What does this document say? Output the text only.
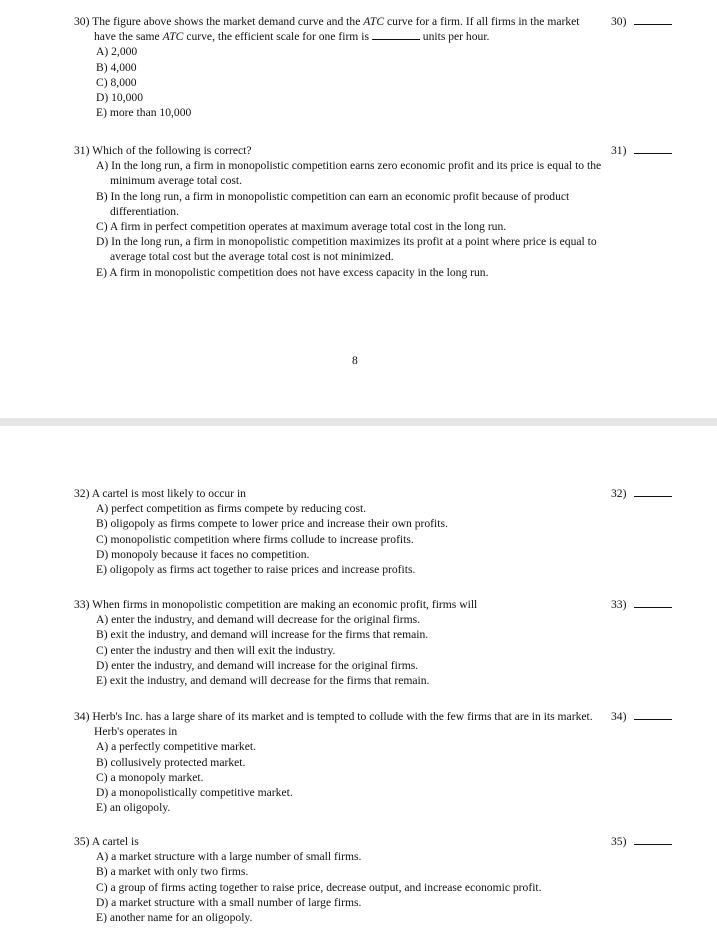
30) The figure above shows the market demand curve and the ATC curve for a firm. If all firms in the market have the same ATC curve, the efficient scale for one firm is	units per hour.
A) 2,000
B) 4,000
C) 8,000
D) 10,000
E) more than 10,000
30)
31) Which of the following is correct?
A) In the long run, a firm in monopolistic competition earns zero economic profit and its price is equal to the minimum average total cost.
B) In the long run, a firm in monopolistic competition can earn an economic profit because of product differentiation.
C) A firm in perfect competition operates at maximum average total cost in the long run.
D) In the long run, a firm in monopolistic competition maximizes its profit at a point where price is equal to average total cost but the average total cost is not minimized.
E) A firm in monopolistic competition does not have excess capacity in the long run.
31)
8
32) A cartel is most likely to occur in
A) perfect competition as firms compete by reducing cost.
B) oligopoly as firms compete to lower price and increase their own profits.
C) monopolistic competition where firms collude to increase profits.
D) monopoly because it faces no competition.
E) oligopoly as firms act together to raise prices and increase profits.
32)
33) When firms in monopolistic competition are making an economic profit, firms will
A) enter the industry, and demand will decrease for the original firms.
B) exit the industry, and demand will increase for the firms that remain.
C) enter the industry and then will exit the industry.
D) enter the industry, and demand will increase for the original firms.
E) exit the industry, and demand will decrease for the firms that remain.
33)
34) Herb's Inc. has a large share of its market and is tempted to collude with the few firms that are in its market. Herb's operates in
A) a perfectly competitive market.
B) collusively protected market.
C) a monopoly market.
D) a monopolistically competitive market.
E) an oligopoly.
34)
35) A cartel is
A) a market structure with a large number of small firms.
B) a market with only two firms.
C) a group of firms acting together to raise price, decrease output, and increase economic profit.
D) a market structure with a small number of large firms.
E) another name for an oligopoly.
35)
